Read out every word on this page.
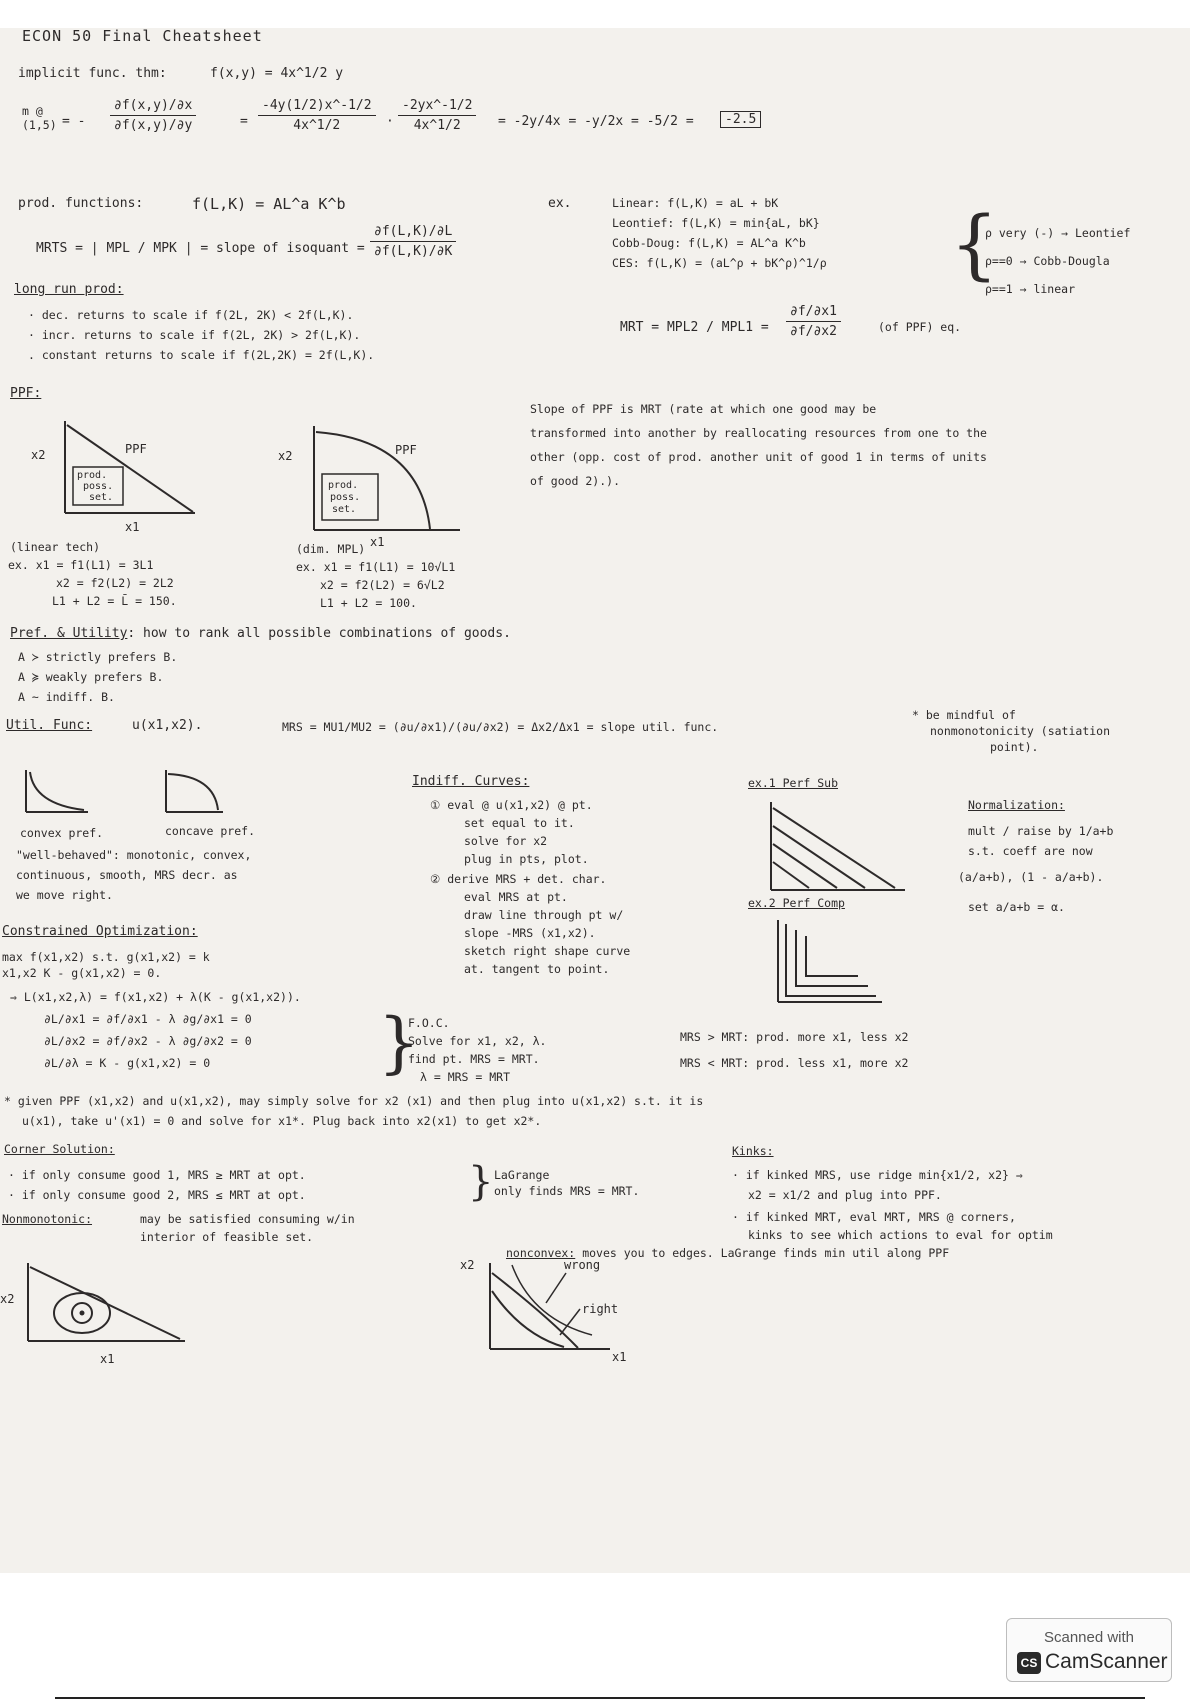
ECON 50 Final Cheatsheet
implicit func. thm:	f(x,y) = 4x^1/2 y
m @ (1,5) = - $\frac{\partial f(x,y)/\partial x}{\partial f(x,y)/\partial y}$	= $\frac{-4y(1/2)x\^{}-1/2}{4x\^{}1/2} \cdot \frac{-2yx\^{}-1/2}{4x\^{}1/2} = -2y/4x = -y/2x = -5/2$ =	-2.5
prod. functions:	f(L,K) = AL^a K^b
MRTS = | MPL / MPK | = slope of isoquant = $\frac{\partial f(L,K)/\partial L}{\partial f(L,K)/\partial K}$
ex.	Linear: f(L,K) = aL + bK
Leontief: f(L,K) = min{aL, bK}
Cobb-Doug: f(L,K) = AL^a K^b
CES: f(L,K) = (aL^ρ + bK^ρ)^1/ρ {
ρ very (-) → Leontief
ρ==0 → Cobb-Dougla
ρ==1 → linear
long run prod:
· dec. returns to scale if f(2L, 2K) < 2f(L,K).
· incr. returns to scale if f(2L, 2K) > 2f(L,K).
. constant returns to scale if f(2L,2K) = 2f(L,K).
MRT = $MPL2 / MPL1 = \frac{\partial f/\partial x1}{\partial f/\partial x2}$	(of PPF) eq.
PPF:
Slope of PPF is MRT (rate at which one good may be
transformed into another by reallocating resources from one to the
other (opp. cost of prod. another unit of good 1 in terms of units
of good 2).).
x2
x1
PPF
prod.
poss.
set.
x2
x1
PPF
prod.
poss.
set.
(linear tech)
ex. x1 = f1(L1) = 3L1
x2 = f2(L2) = 2L2
L1 + L2 = L̄ = 150.
(dim. MPL)
ex. x1 = f1(L1) = 10√L1
x2 = f2(L2) = 6√L2
L1 + L2 = 100.
Pref. & Utility: how to rank all possible combinations of goods.
A ≻ strictly prefers B.
A ≽ weakly prefers B.
A ~ indiff. B.
Util. Func:	u(x1,x2).	MRS = MU1/MU2 = (∂u/∂x1)/(∂u/∂x2) = Δx2/Δx1 = slope util. func.
* be mindful of
nonmonotonicity (satiation
point).
convex pref.	concave pref.
"well-behaved": monotonic, convex,
continuous, smooth, MRS decr. as
we move right.
Indiff. Curves:
① eval @ u(x1,x2) @ pt.
set equal to it.
solve for x2
plug in pts, plot.
② derive MRS + det. char.
eval MRS at pt.
draw line through pt w/
slope -MRS (x1,x2).
sketch right shape curve
at. tangent to point.
ex.1 Perf Sub
ex.2 Perf Comp
Normalization:
mult / raise by 1/a+b
s.t. coeff are now
(a/a+b), (1 - a/a+b).
set a/a+b = α.
Constrained Optimization:
max f(x1,x2) s.t. g(x1,x2) = k
x1,x2 K - g(x1,x2) = 0.
⇒ L(x1,x2,λ) = f(x1,x2) + λ(K - g(x1,x2)).
∂L/∂x1 = ∂f/∂x1 - λ ∂g/∂x1 = 0
∂L/∂x2 = ∂f/∂x2 - λ ∂g/∂x2 = 0
∂L/∂λ = K - g(x1,x2) = 0	{
F.O.C.
Solve for x1, x2, λ.
find pt. MRS = MRT.
λ = MRS = MRT
MRS > MRT: prod. more x1, less x2
MRS < MRT: prod. less x1, more x2
* given PPF (x1,x2) and u(x1,x2), may simply solve for x2 (x1) and then plug into u(x1,x2) s.t. it is
u(x1), take u'(x1) = 0 and solve for x1*. Plug back into x2(x1) to get x2*.
Corner Solution:
· if only consume good 1, MRS ≥ MRT at opt.
· if only consume good 2, MRS ≤ MRT at opt.	{ LaGrange
only finds MRS = MRT.
Nonmonotonic:	may be satisfied consuming w/in
interior of feasible set.
Kinks:
· if kinked MRS, use ridge min{x1/2, x2} ⇒
x2 = x1/2 and plug into PPF.
· if kinked MRT, eval MRT, MRS @ corners,
kinks to see which actions to eval for optim
nonconvex: moves you to edges. LaGrange finds min util along PPF
x2
x1
x2
x1
wrong
right
Scanned with
CS CamScanner
